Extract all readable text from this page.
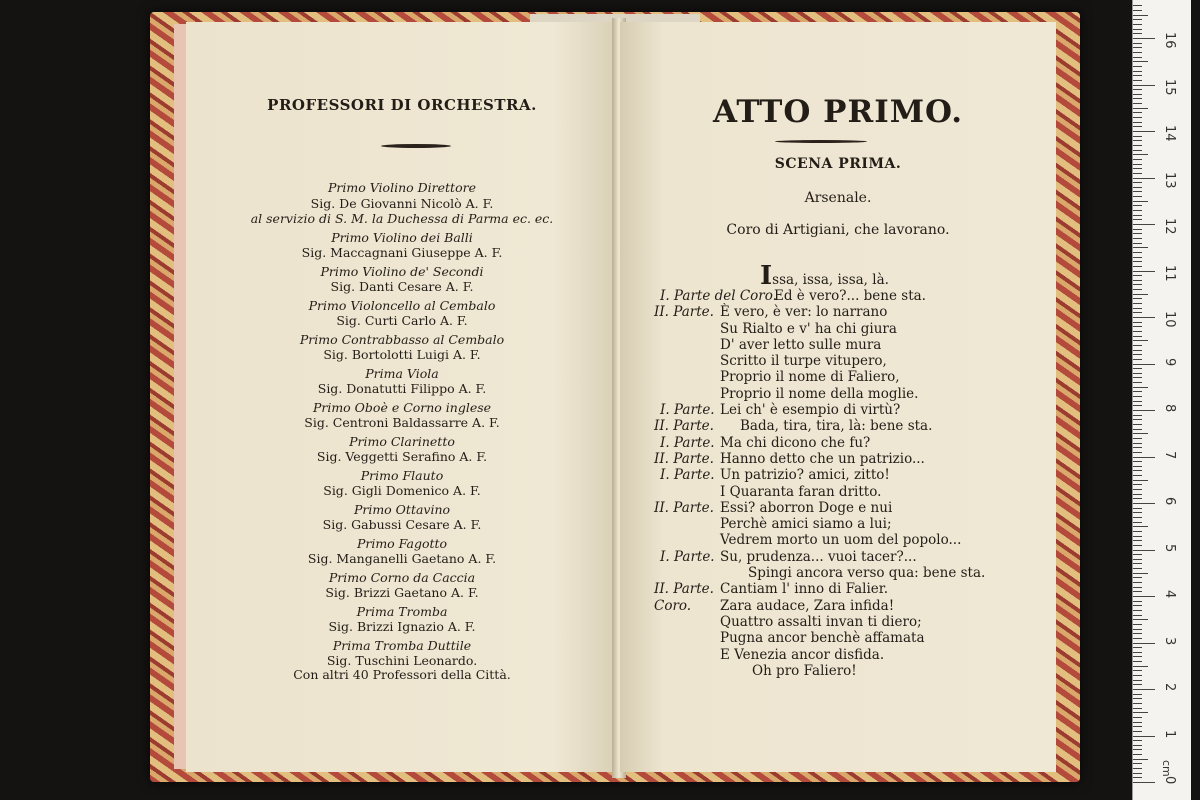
PROFESSORI DI ORCHESTRA.
Primo Violino Direttore
Sig. De Giovanni Nicolò A. F.
al servizio di S. M. la Duchessa di Parma ec. ec.
Primo Violino dei Balli
Sig. Maccagnani Giuseppe A. F.
Primo Violino de' Secondi
Sig. Danti Cesare A. F.
Primo Violoncello al Cembalo
Sig. Curti Carlo A. F.
Primo Contrabbasso al Cembalo
Sig. Bortolotti Luigi A. F.
Prima Viola
Sig. Donatutti Filippo A. F.
Primo Oboè e Corno inglese
Sig. Centroni Baldassarre A. F.
Primo Clarinetto
Sig. Veggetti Serafino A. F.
Primo Flauto
Sig. Gigli Domenico A. F.
Primo Ottavino
Sig. Gabussi Cesare A. F.
Primo Fagotto
Sig. Manganelli Gaetano A. F.
Primo Corno da Caccia
Sig. Brizzi Gaetano A. F.
Prima Tromba
Sig. Brizzi Ignazio A. F.
Prima Tromba Duttile
Sig. Tuschini Leonardo.
Con altri 40 Professori della Città.
ATTO PRIMO.
SCENA PRIMA.
Arsenale.
Coro di Artigiani, che lavorano.
Issa, issa, issa, là.
I. Parte del Coro.
Ed è vero?... bene sta.
II. Parte. È vero, è ver: lo narrano
Su Rialto e v' ha chi giura
D' aver letto sulle mura
Scritto il turpe vitupero,
Proprio il nome di Faliero,
Proprio il nome della moglie.
I. Parte. Lei ch' è esempio di virtù?
II. Parte. Bada, tira, tira, là: bene sta.
I. Parte. Ma chi dicono che fu?
II. Parte. Hanno detto che un patrizio...
I. Parte. Un patrizio? amici, zitto!
I Quaranta faran dritto.
II. Parte. Essi? aborron Doge e nui
Perchè amici siamo a lui;
Vedrem morto un uom del popolo...
I. Parte. Su, prudenza... vuoi tacer?...
Spingi ancora verso qua: bene sta.
II. Parte. Cantiam l' inno di Falier.
Coro. Zara audace, Zara infida!
Quattro assalti invan ti diero;
Pugna ancor benchè affamata
E Venezia ancor disfida.
Oh pro Faliero!
cm
0
1
2
3
4
5
6
7
8
9
10
11
12
13
14
15
16
